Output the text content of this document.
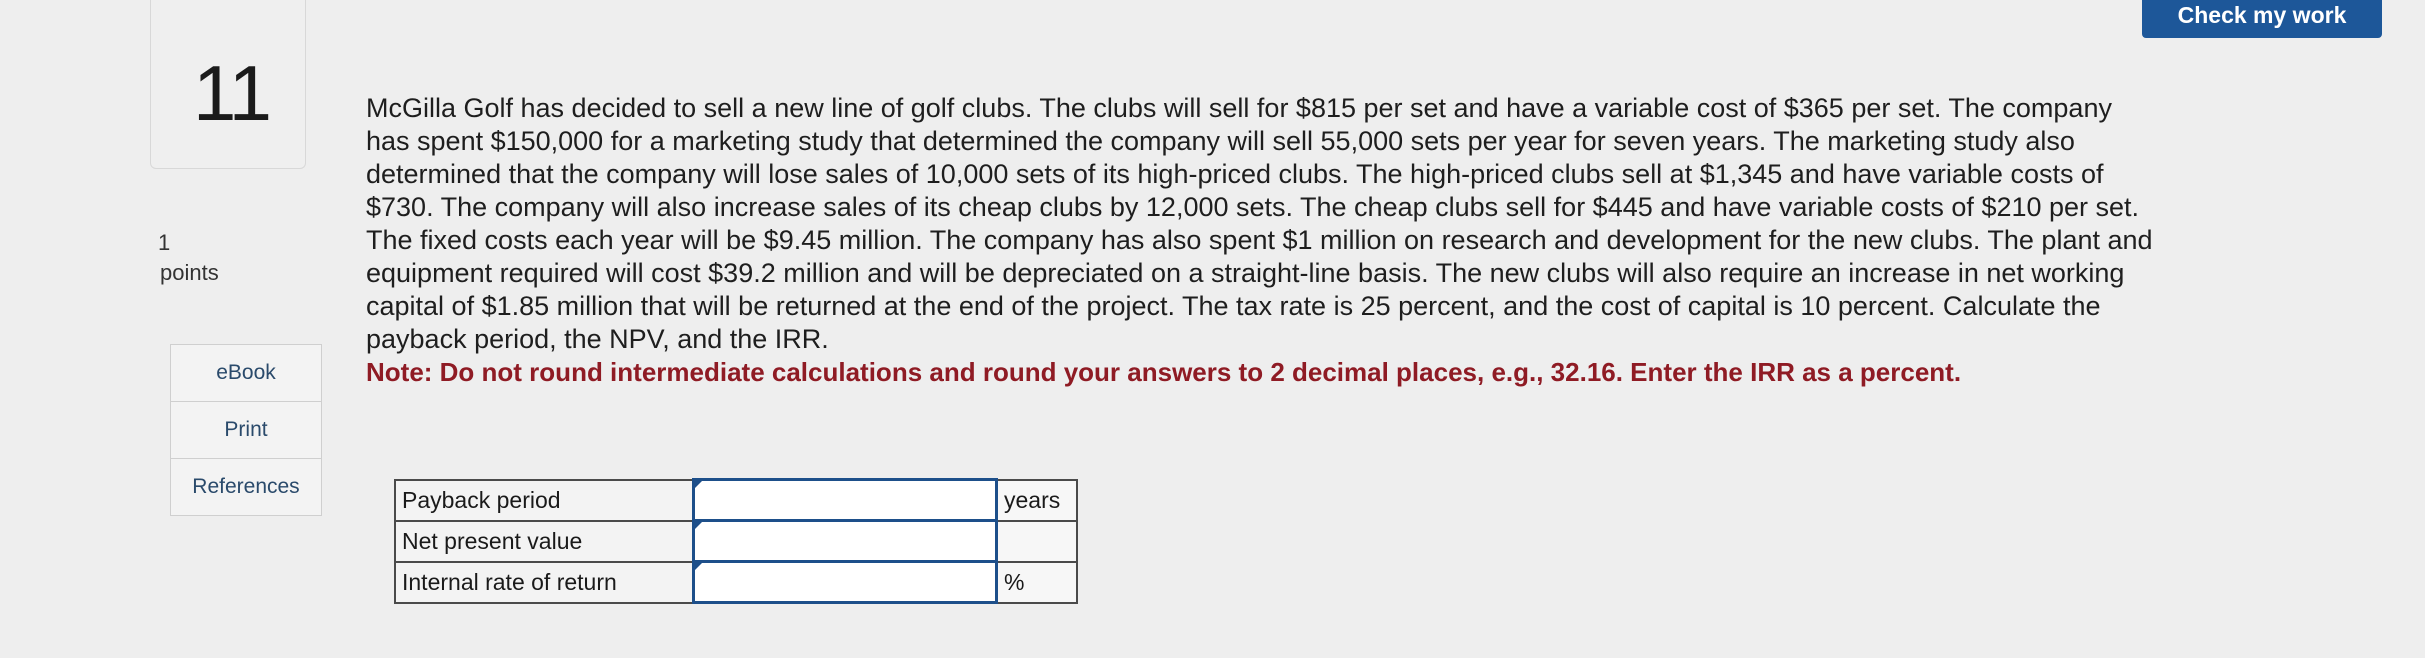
11
1
points
eBook
Print
References
Check my work

McGilla Golf has decided to sell a new line of golf clubs. The clubs will sell for $815 per set and have a variable cost of $365 per set. The company has spent $150,000 for a marketing study that determined the company will sell 55,000 sets per year for seven years. The marketing study also determined that the company will lose sales of 10,000 sets of its high-priced clubs. The high-priced clubs sell at $1,345 and have variable costs of $730. The company will also increase sales of its cheap clubs by 12,000 sets. The cheap clubs sell for $445 and have variable costs of $210 per set. The fixed costs each year will be $9.45 million. The company has also spent $1 million on research and development for the new clubs. The plant and equipment required will cost $39.2 million and will be depreciated on a straight-line basis. The new clubs will also require an increase in net working capital of $1.85 million that will be returned at the end of the project. The tax rate is 25 percent, and the cost of capital is 10 percent. Calculate the payback period, the NPV, and the IRR.

Note: Do not round intermediate calculations and round your answers to 2 decimal places, e.g., 32.16. Enter the IRR as a percent.

Payback period		years
Net present value	

Internal rate of return		%
